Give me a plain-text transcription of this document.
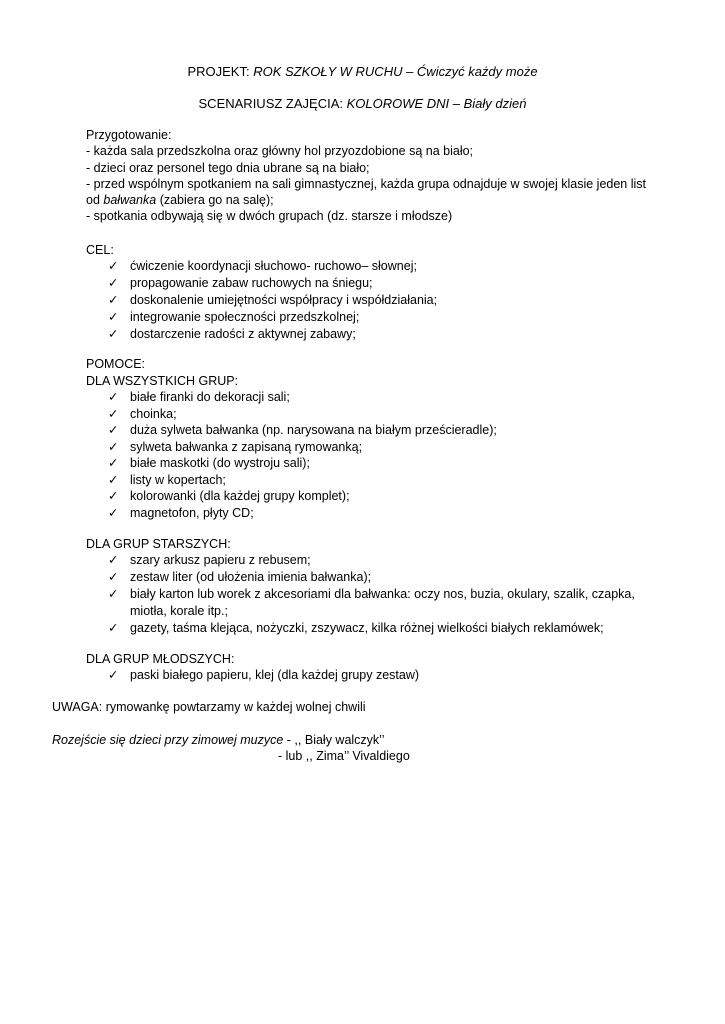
PROJEKT: ROK SZKOŁY W RUCHU – Ćwiczyć każdy może
SCENARIUSZ ZAJĘCIA: KOLOROWE DNI – Biały dzień
Przygotowanie:
- każda sala przedszkolna oraz główny hol przyozdobione są na biało;
- dzieci oraz personel tego dnia ubrane są na biało;
- przed wspólnym spotkaniem na sali gimnastycznej, każda grupa odnajduje w swojej klasie jeden list
od bałwanka (zabiera go na salę);
- spotkania odbywają się w dwóch grupach (dz. starsze i młodsze)
CEL:
✓ ćwiczenie koordynacji słuchowo- ruchowo– słownej;
✓ propagowanie zabaw ruchowych na śniegu;
✓ doskonalenie umiejętności współpracy i współdziałania;
✓ integrowanie społeczności przedszkolnej;
✓ dostarczenie radości z aktywnej zabawy;
POMOCE:
DLA WSZYSTKICH GRUP:
✓ białe firanki do dekoracji sali;
✓ choinka;
✓ duża sylweta bałwanka (np. narysowana na białym prześcieradle);
✓ sylweta bałwanka z zapisaną rymowanką;
✓ białe maskotki (do wystroju sali);
✓ listy w kopertach;
✓ kolorowanki (dla każdej grupy komplet);
✓ magnetofon, płyty CD;
DLA GRUP STARSZYCH:
✓ szary arkusz papieru z rebusem;
✓ zestaw liter (od ułożenia imienia bałwanka);
✓ biały karton lub worek z akcesoriami dla bałwanka: oczy nos, buzia, okulary, szalik, czapka,
miotła, korale itp.;
✓ gazety, taśma klejąca, nożyczki, zszywacz, kilka różnej wielkości białych reklamówek;
DLA GRUP MŁODSZYCH:
✓ paski białego papieru, klej (dla każdej grupy zestaw)
UWAGA: rymowankę powtarzamy w każdej wolnej chwili
Rozejście się dzieci przy zimowej muzyce - ,, Biały walczyk’’
- lub ,, Zima’’ Vivaldiego
